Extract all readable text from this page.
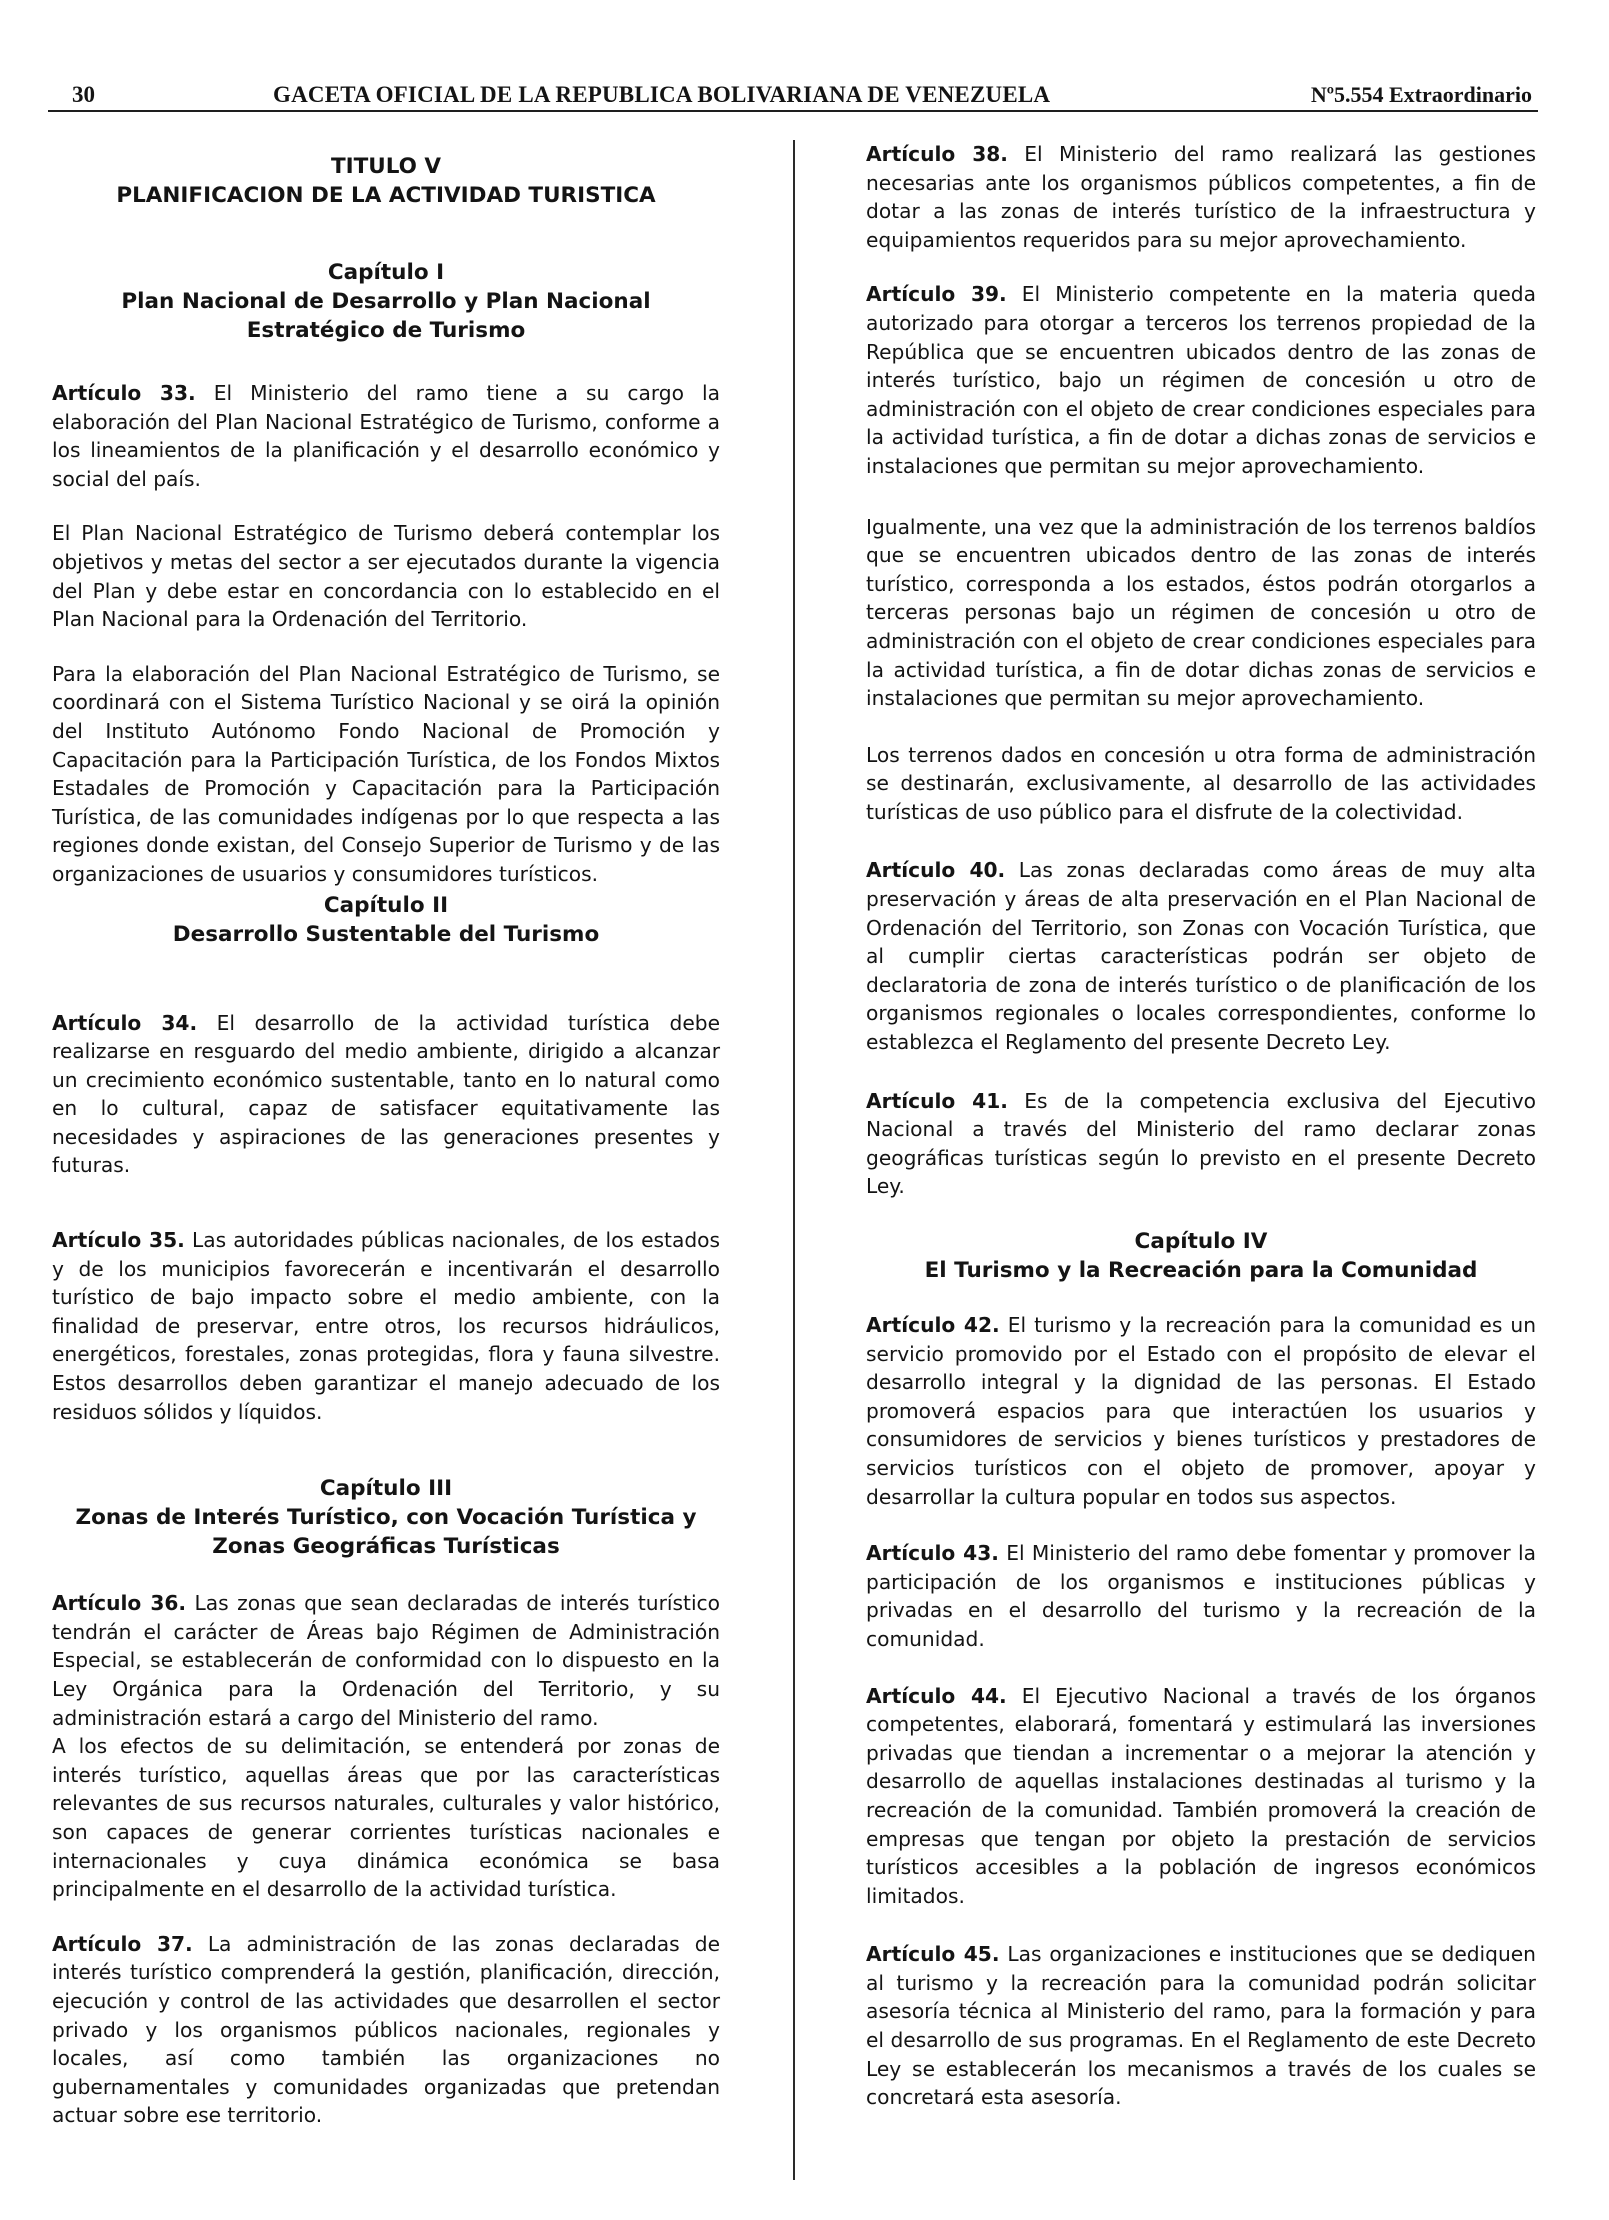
30	GACETA OFICIAL DE LA REPUBLICA BOLIVARIANA DE VENEZUELA	Nº5.554 Extraordinario

TITULO V

PLANIFICACION DE LA ACTIVIDAD TURISTICA

Capítulo I

Plan Nacional de Desarrollo y Plan Nacional Estratégico de Turismo

Artículo 33. El Ministerio del ramo tiene a su cargo la elaboración del Plan Nacional Estratégico de Turismo, conforme a los lineamientos de la planificación y el desarrollo económico y social del país.

El Plan Nacional Estratégico de Turismo deberá contemplar los objetivos y metas del sector a ser ejecutados durante la vigencia del Plan y debe estar en concordancia con lo establecido en el Plan Nacional para la Ordenación del Territorio.

Para la elaboración del Plan Nacional Estratégico de Turismo, se coordinará con el Sistema Turístico Nacional y se oirá la opinión del Instituto Autónomo Fondo Nacional de Promoción y Capacitación para la Participación Turística, de los Fondos Mixtos Estadales de Promoción y Capacitación para la Participación Turística, de las comunidades indígenas por lo que respecta a las regiones donde existan, del Consejo Superior de Turismo y de las organizaciones de usuarios y consumidores turísticos.

Capítulo II

Desarrollo Sustentable del Turismo

Artículo 34. El desarrollo de la actividad turística debe realizarse en resguardo del medio ambiente, dirigido a alcanzar un crecimiento económico sustentable, tanto en lo natural como en lo cultural, capaz de satisfacer equitativamente las necesidades y aspiraciones de las generaciones presentes y futuras.

Artículo 35. Las autoridades públicas nacionales, de los estados y de los municipios favorecerán e incentivarán el desarrollo turístico de bajo impacto sobre el medio ambiente, con la finalidad de preservar, entre otros, los recursos hidráulicos, energéticos, forestales, zonas protegidas, flora y fauna silvestre. Estos desarrollos deben garantizar el manejo adecuado de los residuos sólidos y líquidos.

Capítulo III

Zonas de Interés Turístico, con Vocación Turística y Zonas Geográficas Turísticas

Artículo 36. Las zonas que sean declaradas de interés turístico tendrán el carácter de Áreas bajo Régimen de Administración Especial, se establecerán de conformidad con lo dispuesto en la Ley Orgánica para la Ordenación del Territorio, y su administración estará a cargo del Ministerio del ramo.

A los efectos de su delimitación, se entenderá por zonas de interés turístico, aquellas áreas que por las características relevantes de sus recursos naturales, culturales y valor histórico, son capaces de generar corrientes turísticas nacionales e internacionales y cuya dinámica económica se basa principalmente en el desarrollo de la actividad turística.

Artículo 37. La administración de las zonas declaradas de interés turístico comprenderá la gestión, planificación, dirección, ejecución y control de las actividades que desarrollen el sector privado y los organismos públicos nacionales, regionales y locales, así como también las organizaciones no gubernamentales y comunidades organizadas que pretendan actuar sobre ese territorio.

Artículo 38. El Ministerio del ramo realizará las gestiones necesarias ante los organismos públicos competentes, a fin de dotar a las zonas de interés turístico de la infraestructura y equipamientos requeridos para su mejor aprovechamiento.

Artículo 39. El Ministerio competente en la materia queda autorizado para otorgar a terceros los terrenos propiedad de la República que se encuentren ubicados dentro de las zonas de interés turístico, bajo un régimen de concesión u otro de administración con el objeto de crear condiciones especiales para la actividad turística, a fin de dotar a dichas zonas de servicios e instalaciones que permitan su mejor aprovechamiento.

Igualmente, una vez que la administración de los terrenos baldíos que se encuentren ubicados dentro de las zonas de interés turístico, corresponda a los estados, éstos podrán otorgarlos a terceras personas bajo un régimen de concesión u otro de administración con el objeto de crear condiciones especiales para la actividad turística, a fin de dotar dichas zonas de servicios e instalaciones que permitan su mejor aprovechamiento.

Los terrenos dados en concesión u otra forma de administración se destinarán, exclusivamente, al desarrollo de las actividades turísticas de uso público para el disfrute de la colectividad.

Artículo 40. Las zonas declaradas como áreas de muy alta preservación y áreas de alta preservación en el Plan Nacional de Ordenación del Territorio, son Zonas con Vocación Turística, que al cumplir ciertas características podrán ser objeto de declaratoria de zona de interés turístico o de planificación de los organismos regionales o locales correspondientes, conforme lo establezca el Reglamento del presente Decreto Ley.

Artículo 41. Es de la competencia exclusiva del Ejecutivo Nacional a través del Ministerio del ramo declarar zonas geográficas turísticas según lo previsto en el presente Decreto Ley.

Capítulo IV

El Turismo y la Recreación para la Comunidad

Artículo 42. El turismo y la recreación para la comunidad es un servicio promovido por el Estado con el propósito de elevar el desarrollo integral y la dignidad de las personas. El Estado promoverá espacios para que interactúen los usuarios y consumidores de servicios y bienes turísticos y prestadores de servicios turísticos con el objeto de promover, apoyar y desarrollar la cultura popular en todos sus aspectos.

Artículo 43. El Ministerio del ramo debe fomentar y promover la participación de los organismos e instituciones públicas y privadas en el desarrollo del turismo y la recreación de la comunidad.

Artículo 44. El Ejecutivo Nacional a través de los órganos competentes, elaborará, fomentará y estimulará las inversiones privadas que tiendan a incrementar o a mejorar la atención y desarrollo de aquellas instalaciones destinadas al turismo y la recreación de la comunidad. También promoverá la creación de empresas que tengan por objeto la prestación de servicios turísticos accesibles a la población de ingresos económicos limitados.

Artículo 45. Las organizaciones e instituciones que se dediquen al turismo y la recreación para la comunidad podrán solicitar asesoría técnica al Ministerio del ramo, para la formación y para el desarrollo de sus programas. En el Reglamento de este Decreto Ley se establecerán los mecanismos a través de los cuales se concretará esta asesoría.
